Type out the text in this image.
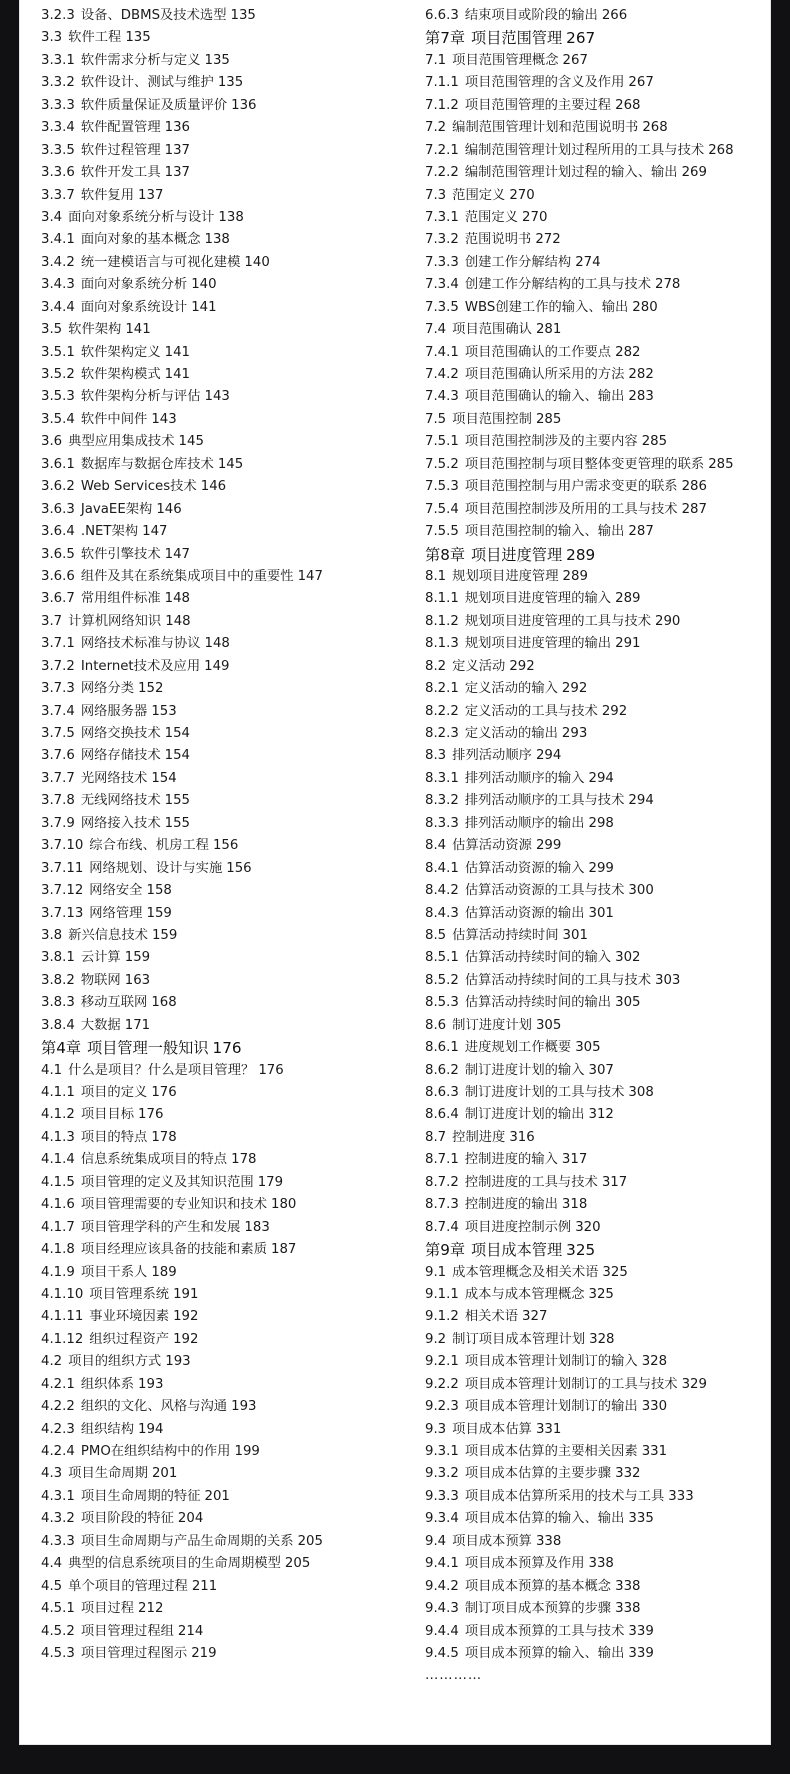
3.2.3 设备、DBMS及技术选型 135
3.3 软件工程 135
3.3.1 软件需求分析与定义 135
3.3.2 软件设计、测试与维护 135
3.3.3 软件质量保证及质量评价 136
3.3.4 软件配置管理 136
3.3.5 软件过程管理 137
3.3.6 软件开发工具 137
3.3.7 软件复用 137
3.4 面向对象系统分析与设计 138
3.4.1 面向对象的基本概念 138
3.4.2 统一建模语言与可视化建模 140
3.4.3 面向对象系统分析 140
3.4.4 面向对象系统设计 141
3.5 软件架构 141
3.5.1 软件架构定义 141
3.5.2 软件架构模式 141
3.5.3 软件架构分析与评估 143
3.5.4 软件中间件 143
3.6 典型应用集成技术 145
3.6.1 数据库与数据仓库技术 145
3.6.2 Web Services技术 146
3.6.3 JavaEE架构 146
3.6.4 .NET架构 147
3.6.5 软件引擎技术 147
3.6.6 组件及其在系统集成项目中的重要性 147
3.6.7 常用组件标准 148
3.7 计算机网络知识 148
3.7.1 网络技术标准与协议 148
3.7.2 Internet技术及应用 149
3.7.3 网络分类 152
3.7.4 网络服务器 153
3.7.5 网络交换技术 154
3.7.6 网络存储技术 154
3.7.7 光网络技术 154
3.7.8 无线网络技术 155
3.7.9 网络接入技术 155
3.7.10 综合布线、机房工程 156
3.7.11 网络规划、设计与实施 156
3.7.12 网络安全 158
3.7.13 网络管理 159
3.8 新兴信息技术 159
3.8.1 云计算 159
3.8.2 物联网 163
3.8.3 移动互联网 168
3.8.4 大数据 171
第4章 项目管理一般知识 176
4.1 什么是项目？什么是项目管理？ 176
4.1.1 项目的定义 176
4.1.2 项目目标 176
4.1.3 项目的特点 178
4.1.4 信息系统集成项目的特点 178
4.1.5 项目管理的定义及其知识范围 179
4.1.6 项目管理需要的专业知识和技术 180
4.1.7 项目管理学科的产生和发展 183
4.1.8 项目经理应该具备的技能和素质 187
4.1.9 项目干系人 189
4.1.10 项目管理系统 191
4.1.11 事业环境因素 192
4.1.12 组织过程资产 192
4.2 项目的组织方式 193
4.2.1 组织体系 193
4.2.2 组织的文化、风格与沟通 193
4.2.3 组织结构 194
4.2.4 PMO在组织结构中的作用 199
4.3 项目生命周期 201
4.3.1 项目生命周期的特征 201
4.3.2 项目阶段的特征 204
4.3.3 项目生命周期与产品生命周期的关系 205
4.4 典型的信息系统项目的生命周期模型 205
4.5 单个项目的管理过程 211
4.5.1 项目过程 212
4.5.2 项目管理过程组 214
4.5.3 项目管理过程图示 219
6.6.3 结束项目或阶段的输出 266
第7章 项目范围管理 267
7.1 项目范围管理概念 267
7.1.1 项目范围管理的含义及作用 267
7.1.2 项目范围管理的主要过程 268
7.2 编制范围管理计划和范围说明书 268
7.2.1 编制范围管理计划过程所用的工具与技术 268
7.2.2 编制范围管理计划过程的输入、输出 269
7.3 范围定义 270
7.3.1 范围定义 270
7.3.2 范围说明书 272
7.3.3 创建工作分解结构 274
7.3.4 创建工作分解结构的工具与技术 278
7.3.5 WBS创建工作的输入、输出 280
7.4 项目范围确认 281
7.4.1 项目范围确认的工作要点 282
7.4.2 项目范围确认所采用的方法 282
7.4.3 项目范围确认的输入、输出 283
7.5 项目范围控制 285
7.5.1 项目范围控制涉及的主要内容 285
7.5.2 项目范围控制与项目整体变更管理的联系 285
7.5.3 项目范围控制与用户需求变更的联系 286
7.5.4 项目范围控制涉及所用的工具与技术 287
7.5.5 项目范围控制的输入、输出 287
第8章 项目进度管理 289
8.1 规划项目进度管理 289
8.1.1 规划项目进度管理的输入 289
8.1.2 规划项目进度管理的工具与技术 290
8.1.3 规划项目进度管理的输出 291
8.2 定义活动 292
8.2.1 定义活动的输入 292
8.2.2 定义活动的工具与技术 292
8.2.3 定义活动的输出 293
8.3 排列活动顺序 294
8.3.1 排列活动顺序的输入 294
8.3.2 排列活动顺序的工具与技术 294
8.3.3 排列活动顺序的输出 298
8.4 估算活动资源 299
8.4.1 估算活动资源的输入 299
8.4.2 估算活动资源的工具与技术 300
8.4.3 估算活动资源的输出 301
8.5 估算活动持续时间 301
8.5.1 估算活动持续时间的输入 302
8.5.2 估算活动持续时间的工具与技术 303
8.5.3 估算活动持续时间的输出 305
8.6 制订进度计划 305
8.6.1 进度规划工作概要 305
8.6.2 制订进度计划的输入 307
8.6.3 制订进度计划的工具与技术 308
8.6.4 制订进度计划的输出 312
8.7 控制进度 316
8.7.1 控制进度的输入 317
8.7.2 控制进度的工具与技术 317
8.7.3 控制进度的输出 318
8.7.4 项目进度控制示例 320
第9章 项目成本管理 325
9.1 成本管理概念及相关术语 325
9.1.1 成本与成本管理概念 325
9.1.2 相关术语 327
9.2 制订项目成本管理计划 328
9.2.1 项目成本管理计划制订的输入 328
9.2.2 项目成本管理计划制订的工具与技术 329
9.2.3 项目成本管理计划制订的输出 330
9.3 项目成本估算 331
9.3.1 项目成本估算的主要相关因素 331
9.3.2 项目成本估算的主要步骤 332
9.3.3 项目成本估算所采用的技术与工具 333
9.3.4 项目成本估算的输入、输出 335
9.4 项目成本预算 338
9.4.1 项目成本预算及作用 338
9.4.2 项目成本预算的基本概念 338
9.4.3 制订项目成本预算的步骤 338
9.4.4 项目成本预算的工具与技术 339
9.4.5 项目成本预算的输入、输出 339
…………
